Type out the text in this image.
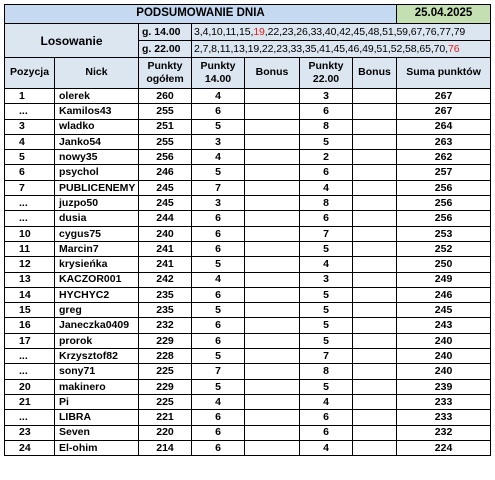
PODSUMOWANIE DNIA							25.04.2025
Losowanie		g. 14.00	3,4,10,11,15,19,22,23,26,33,40,42,45,48,51,59,67,76,77,79				
		g. 22.00	2,7,8,11,13,19,22,23,33,35,41,45,46,49,51,52,58,65,70,76				
Pozycja	Nick	Punkty ogółem	Punkty 14.00	Bonus	Punkty 22.00	Bonus	Suma punktów
1	olerek	260	4		3		267
...	Kamilos43	255	6		6		267
3	wladko	251	5		8		264
4	Janko54	255	3		5		263
5	nowy35	256	4		2		262
6	psychol	246	5		6		257
7	PUBLICENEMY	245	7		4		256
...	juzpo50	245	3		8		256
...	dusia	244	6		6		256
10	cygus75	240	6		7		253
11	Marcin7	241	6		5		252
12	krysieńka	241	5		4		250
13	KACZOR001	242	4		3		249
14	HYCHYC2	235	6		5		246
15	greg	235	5		5		245
16	Janeczka0409	232	6		5		243
17	prorok	229	6		5		240
...	Krzysztof82	228	5		7		240
...	sony71	225	7		8		240
20	makinero	229	5		5		239
21	Pi	225	4		4		233
...	LIBRA	221	6		6		233
23	Seven	220	6		6		232
24	El-ohim	214	6		4		224
